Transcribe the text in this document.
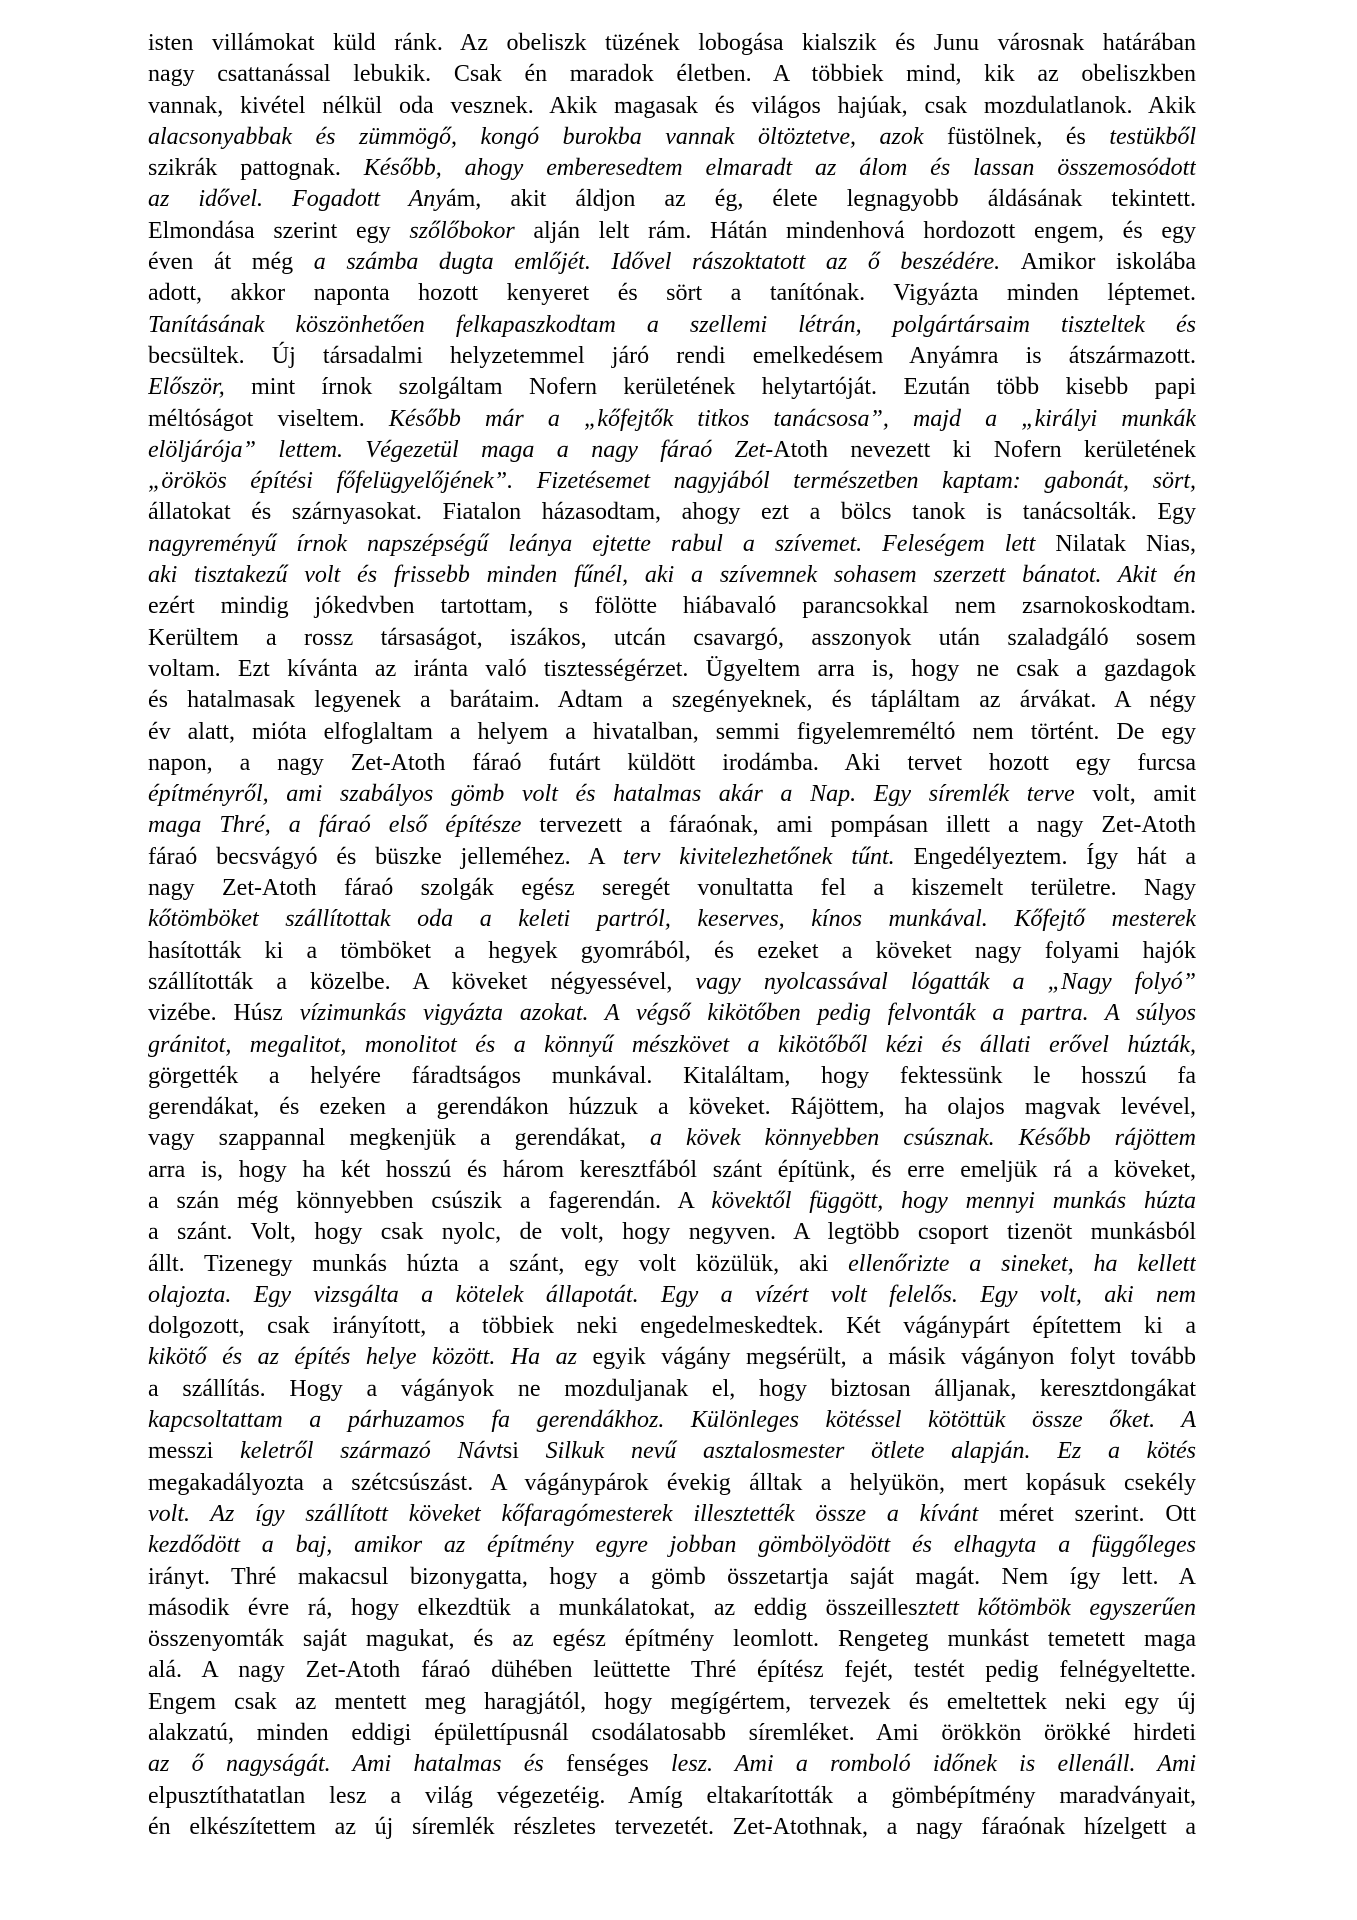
isten villámokat küld ránk. Az obeliszk tüzének lobogása kialszik és Junu városnak határában
nagy csattanással lebukik. Csak én maradok életben. A többiek mind, kik az obeliszkben
vannak, kivétel nélkül oda vesznek. Akik magasak és világos hajúak, csak mozdulatlanok. Akik
alacsonyabbak és zümmögő, kongó burokba vannak öltöztetve, azok füstölnek, és testükből
szikrák pattognak. Később, ahogy emberesedtem elmaradt az álom és lassan összemosódott
az idővel. Fogadott Anyám, akit áldjon az ég, élete legnagyobb áldásának tekintett.
Elmondása szerint egy szőlőbokor alján lelt rám. Hátán mindenhová hordozott engem, és egy
éven át még a számba dugta emlőjét. Idővel rászoktatott az ő beszédére. Amikor iskolába
adott, akkor naponta hozott kenyeret és sört a tanítónak. Vigyázta minden léptemet.
Tanításának köszönhetően felkapaszkodtam a szellemi létrán, polgártársaim tiszteltek és
becsültek. Új társadalmi helyzetemmel járó rendi emelkedésem Anyámra is átszármazott.
Először, mint írnok szolgáltam Nofern kerületének helytartóját. Ezután több kisebb papi
méltóságot viseltem. Később már a „kőfejtők titkos tanácsosa”, majd a „királyi munkák
elöljárója” lettem. Végezetül maga a nagy fáraó Zet-Atoth nevezett ki Nofern kerületének
„örökös építési főfelügyelőjének”. Fizetésemet nagyjából természetben kaptam: gabonát, sört,
állatokat és szárnyasokat. Fiatalon házasodtam, ahogy ezt a bölcs tanok is tanácsolták. Egy
nagyreményű írnok napszépségű leánya ejtette rabul a szívemet. Feleségem lett Nilatak Nias,
aki tisztakezű volt és frissebb minden fűnél, aki a szívemnek sohasem szerzett bánatot. Akit én
ezért mindig jókedvben tartottam, s fölötte hiábavaló parancsokkal nem zsarnokoskodtam.
Kerültem a rossz társaságot, iszákos, utcán csavargó, asszonyok után szaladgáló sosem
voltam. Ezt kívánta az iránta való tisztességérzet. Ügyeltem arra is, hogy ne csak a gazdagok
és hatalmasak legyenek a barátaim. Adtam a szegényeknek, és tápláltam az árvákat. A négy
év alatt, mióta elfoglaltam a helyem a hivatalban, semmi figyelemreméltó nem történt. De egy
napon, a nagy Zet-Atoth fáraó futárt küldött irodámba. Aki tervet hozott egy furcsa
építményről, ami szabályos gömb volt és hatalmas akár a Nap. Egy síremlék terve volt, amit
maga Thré, a fáraó első építésze tervezett a fáraónak, ami pompásan illett a nagy Zet-Atoth
fáraó becsvágyó és büszke jelleméhez. A terv kivitelezhetőnek tűnt. Engedélyeztem. Így hát a
nagy Zet-Atoth fáraó szolgák egész seregét vonultatta fel a kiszemelt területre. Nagy
kőtömböket szállítottak oda a keleti partról, keserves, kínos munkával. Kőfejtő mesterek
hasították ki a tömböket a hegyek gyomrából, és ezeket a köveket nagy folyami hajók
szállították a közelbe. A köveket négyessével, vagy nyolcassával lógatták a „Nagy folyó”
vizébe. Húsz vízimunkás vigyázta azokat. A végső kikötőben pedig felvonták a partra. A súlyos
gránitot, megalitot, monolitot és a könnyű mészkövet a kikötőből kézi és állati erővel húzták,
görgették a helyére fáradtságos munkával. Kitaláltam, hogy fektessünk le hosszú fa
gerendákat, és ezeken a gerendákon húzzuk a köveket. Rájöttem, ha olajos magvak levével,
vagy szappannal megkenjük a gerendákat, a kövek könnyebben csúsznak. Később rájöttem
arra is, hogy ha két hosszú és három keresztfából szánt építünk, és erre emeljük rá a köveket,
a szán még könnyebben csúszik a fagerendán. A kövektől függött, hogy mennyi munkás húzta
a szánt. Volt, hogy csak nyolc, de volt, hogy negyven. A legtöbb csoport tizenöt munkásból
állt. Tizenegy munkás húzta a szánt, egy volt közülük, aki ellenőrizte a sineket, ha kellett
olajozta. Egy vizsgálta a kötelek állapotát. Egy a vízért volt felelős. Egy volt, aki nem
dolgozott, csak irányított, a többiek neki engedelmeskedtek. Két vágánypárt építettem ki a
kikötő és az építés helye között. Ha az egyik vágány megsérült, a másik vágányon folyt tovább
a szállítás. Hogy a vágányok ne mozduljanak el, hogy biztosan álljanak, keresztdongákat
kapcsoltattam a párhuzamos fa gerendákhoz. Különleges kötéssel kötöttük össze őket. A
messzi keletről származó Návtsi Silkuk nevű asztalosmester ötlete alapján. Ez a kötés
megakadályozta a szétcsúszást. A vágánypárok évekig álltak a helyükön, mert kopásuk csekély
volt. Az így szállított köveket kőfaragómesterek illesztették össze a kívánt méret szerint. Ott
kezdődött a baj, amikor az építmény egyre jobban gömbölyödött és elhagyta a függőleges
irányt. Thré makacsul bizonygatta, hogy a gömb összetartja saját magát. Nem így lett. A
második évre rá, hogy elkezdtük a munkálatokat, az eddig összeillesztett kőtömbök egyszerűen
összenyomták saját magukat, és az egész építmény leomlott. Rengeteg munkást temetett maga
alá. A nagy Zet-Atoth fáraó dühében leüttette Thré építész fejét, testét pedig felnégyeltette.
Engem csak az mentett meg haragjától, hogy megígértem, tervezek és emeltettek neki egy új
alakzatú, minden eddigi épülettípusnál csodálatosabb síremléket. Ami örökkön örökké hirdeti
az ő nagyságát. Ami hatalmas és fenséges lesz. Ami a romboló időnek is ellenáll. Ami
elpusztíthatatlan lesz a világ végezetéig. Amíg eltakarították a gömbépítmény maradványait,
én elkészítettem az új síremlék részletes tervezetét. Zet-Atothnak, a nagy fáraónak hízelgett a
